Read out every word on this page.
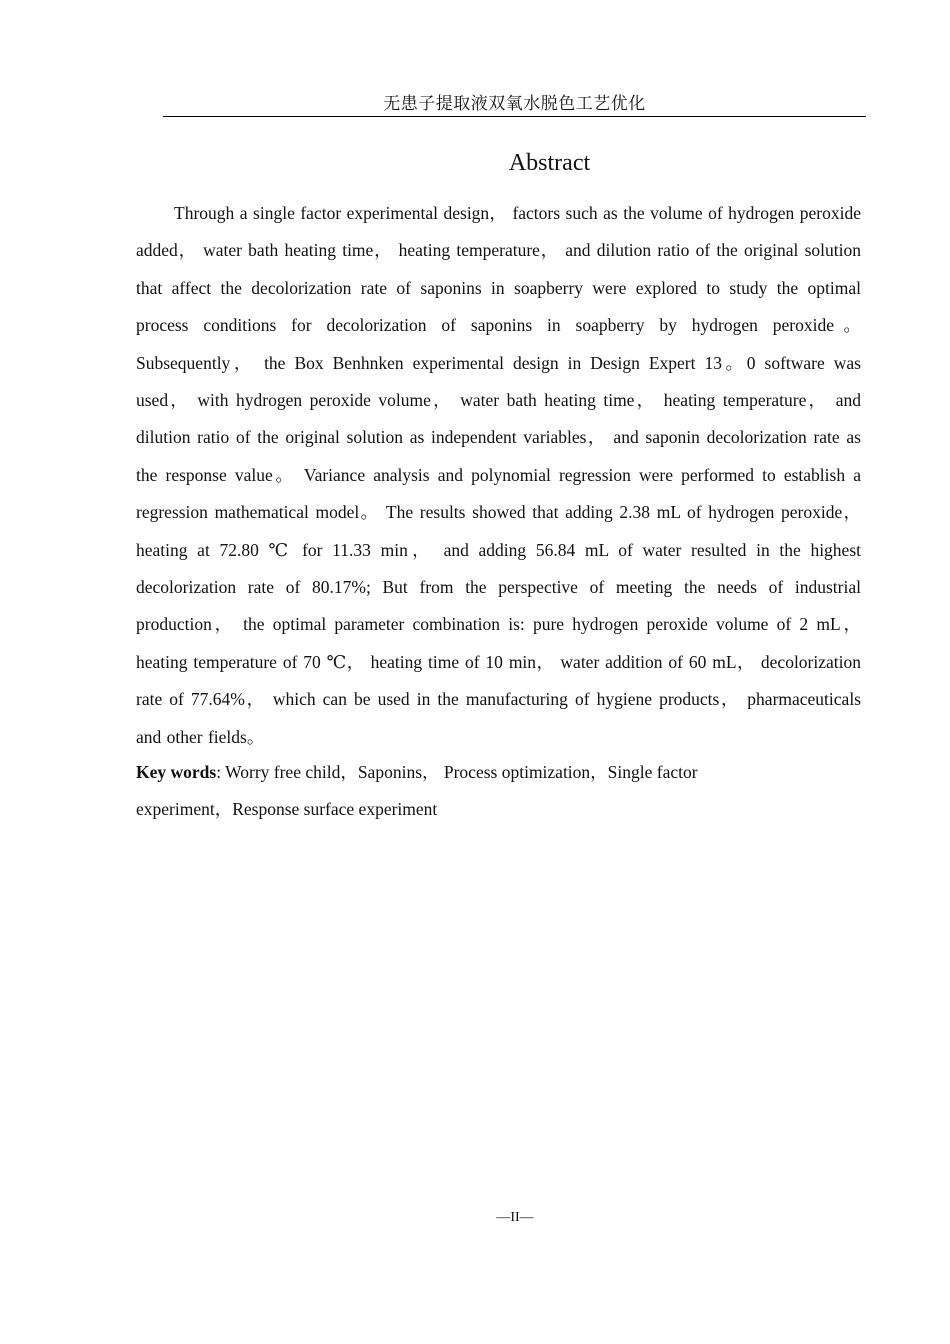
无患子提取液双氧水脱色工艺优化
Abstract

Through a single factor experimental design， factors such as the volume of hydrogen peroxide added， water bath heating time， heating temperature， and dilution ratio of the original solution that affect the decolorization rate of saponins in soapberry were explored to study the optimal process conditions for decolorization of saponins in soapberry by hydrogen peroxide。 Subsequently， the Box Benhnken experimental design in Design Expert 13。0 software was used， with hydrogen peroxide volume， water bath heating time， heating temperature， and dilution ratio of the original solution as independent variables， and saponin decolorization rate as the response value。 Variance analysis and polynomial regression were performed to establish a regression mathematical model。 The results showed that adding 2.38 mL of hydrogen peroxide， heating at 72.80 ℃ for 11.33 min， and adding 56.84 mL of water resulted in the highest decolorization rate of 80.17%; But from the perspective of meeting the needs of industrial production， the optimal parameter combination is: pure hydrogen peroxide volume of 2 mL， heating temperature of 70 ℃， heating time of 10 min， water addition of 60 mL， decolorization rate of 77.64%， which can be used in the manufacturing of hygiene products， pharmaceuticals and other fields。

Key words: Worry free child，Saponins， Process optimization，Single factor experiment，Response surface experiment

—II—
